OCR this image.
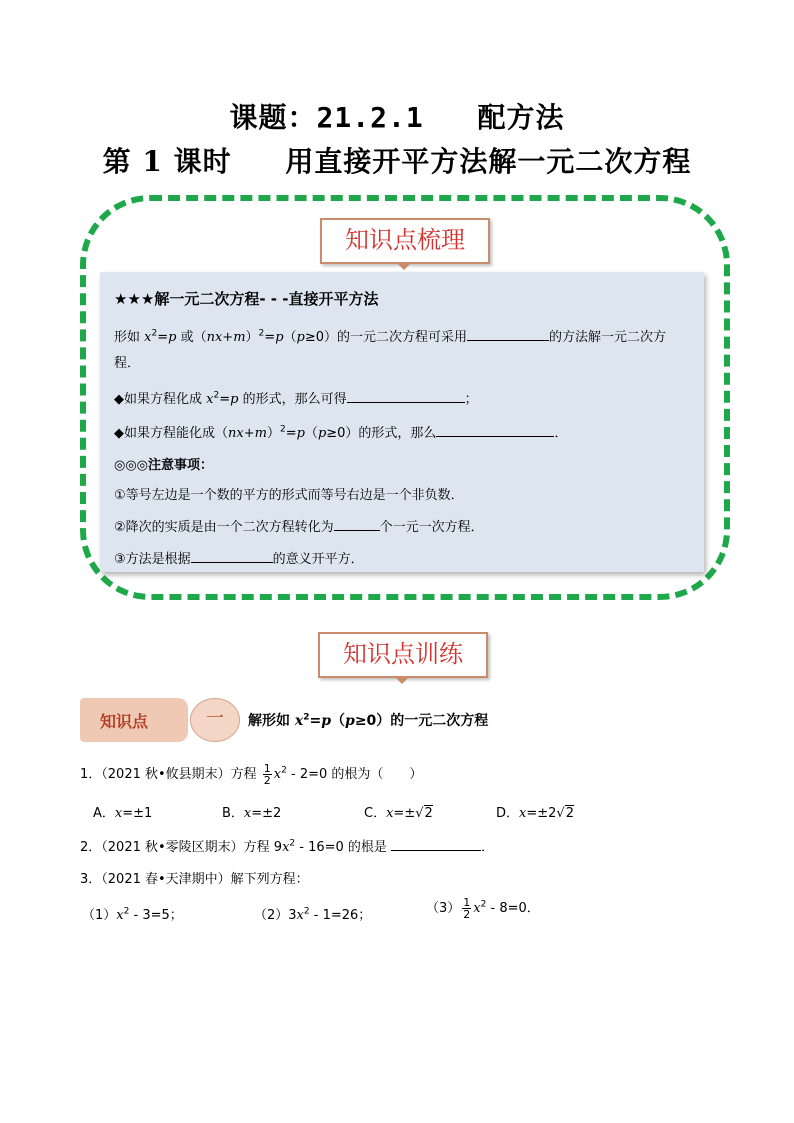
课题：21.2.1 配方法
第 1 课时 用直接开平方法解一元二次方程
知识点梳理
★★★解一元二次方程- - -直接开平方法
形如 $x^2=p$ 或$(nx+m)^2=p(p\ge 0)$的一元二次方程可采用	的方法解一元二次方
程．
◆如果方程化成 $x^2=p$ 的形式，那么可得	；
◆如果方程能化成$(nx+m)^2=p(p\ge 0)$的形式，那么	．
◎◎◎注意事项：
①等号左边是一个数的平方的形式而等号右边是一个非负数．
②降次的实质是由一个二次方程转化为	个一元一次方程．
③方法是根据	的意义开平方．
知识点训练
知识点	一	解形如 $x^2=p(p\ge 0)$的一元二次方程
1．（2021 秋•攸县期末）方程 $\frac{1}{2} x^2 - 2=0$ 的根为（　　）
A．x=±1	B．x=±2	C．x=±√2	D．x=±2√2
2．（2021 秋•零陵区期末）方程 $9x^2 - 16=0$ 的根是	．
3．（2021 春•天津期中）解下列方程：
$(1)x^2 - 3=5$；	$(2)3x^2 - 1=26$；	$(3) \frac{1}{2} x^2 - 8=0$．
